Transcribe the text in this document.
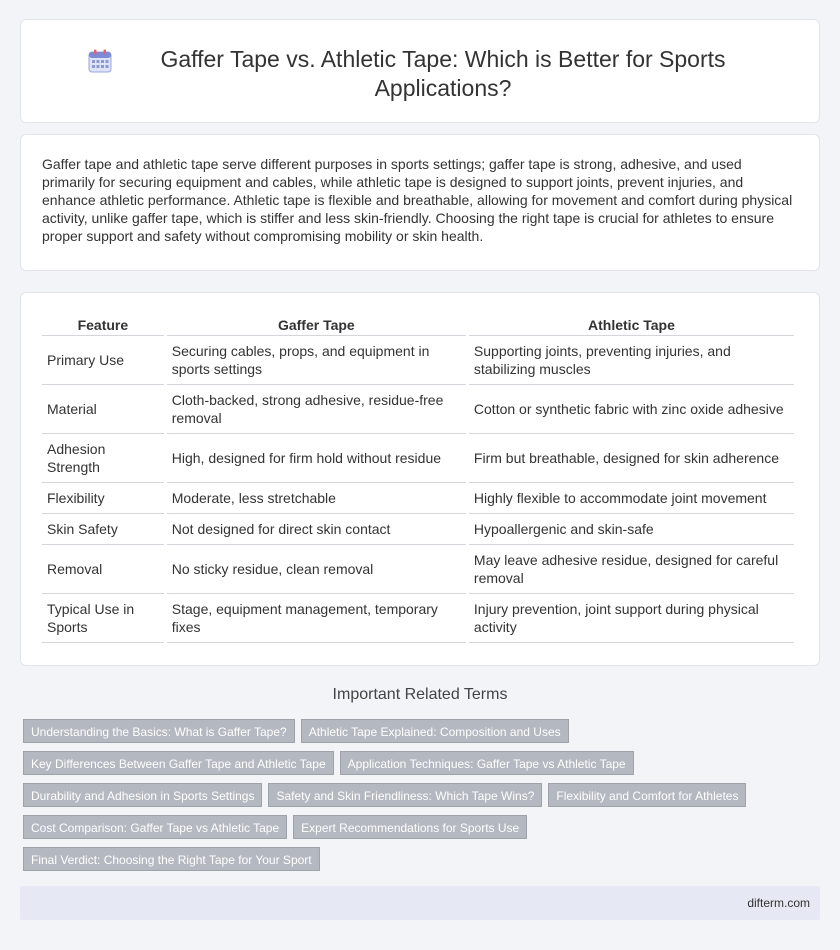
Gaffer Tape vs. Athletic Tape: Which is Better for Sports Applications?

Gaffer tape and athletic tape serve different purposes in sports settings; gaffer tape is strong, adhesive, and used primarily for securing equipment and cables, while athletic tape is designed to support joints, prevent injuries, and enhance athletic performance. Athletic tape is flexible and breathable, allowing for movement and comfort during physical activity, unlike gaffer tape, which is stiffer and less skin-friendly. Choosing the right tape is crucial for athletes to ensure proper support and safety without compromising mobility or skin health.

Feature	Gaffer Tape	Athletic Tape
Primary Use	Securing cables, props, and equipment in sports settings	Supporting joints, preventing injuries, and stabilizing muscles
Material	Cloth-backed, strong adhesive, residue-free removal	Cotton or synthetic fabric with zinc oxide adhesive
Adhesion Strength	High, designed for firm hold without residue	Firm but breathable, designed for skin adherence
Flexibility	Moderate, less stretchable	Highly flexible to accommodate joint movement
Skin Safety	Not designed for direct skin contact	Hypoallergenic and skin-safe
Removal	No sticky residue, clean removal	May leave adhesive residue, designed for careful removal
Typical Use in Sports	Stage, equipment management, temporary fixes	Injury prevention, joint support during physical activity
Important Related Terms
Understanding the Basics: What is Gaffer Tape?	Athletic Tape Explained: Composition and Uses
Key Differences Between Gaffer Tape and Athletic Tape	Application Techniques: Gaffer Tape vs Athletic Tape
Durability and Adhesion in Sports Settings	Safety and Skin Friendliness: Which Tape Wins?	Flexibility and Comfort for Athletes
Cost Comparison: Gaffer Tape vs Athletic Tape	Expert Recommendations for Sports Use
Final Verdict: Choosing the Right Tape for Your Sport
difterm.com
